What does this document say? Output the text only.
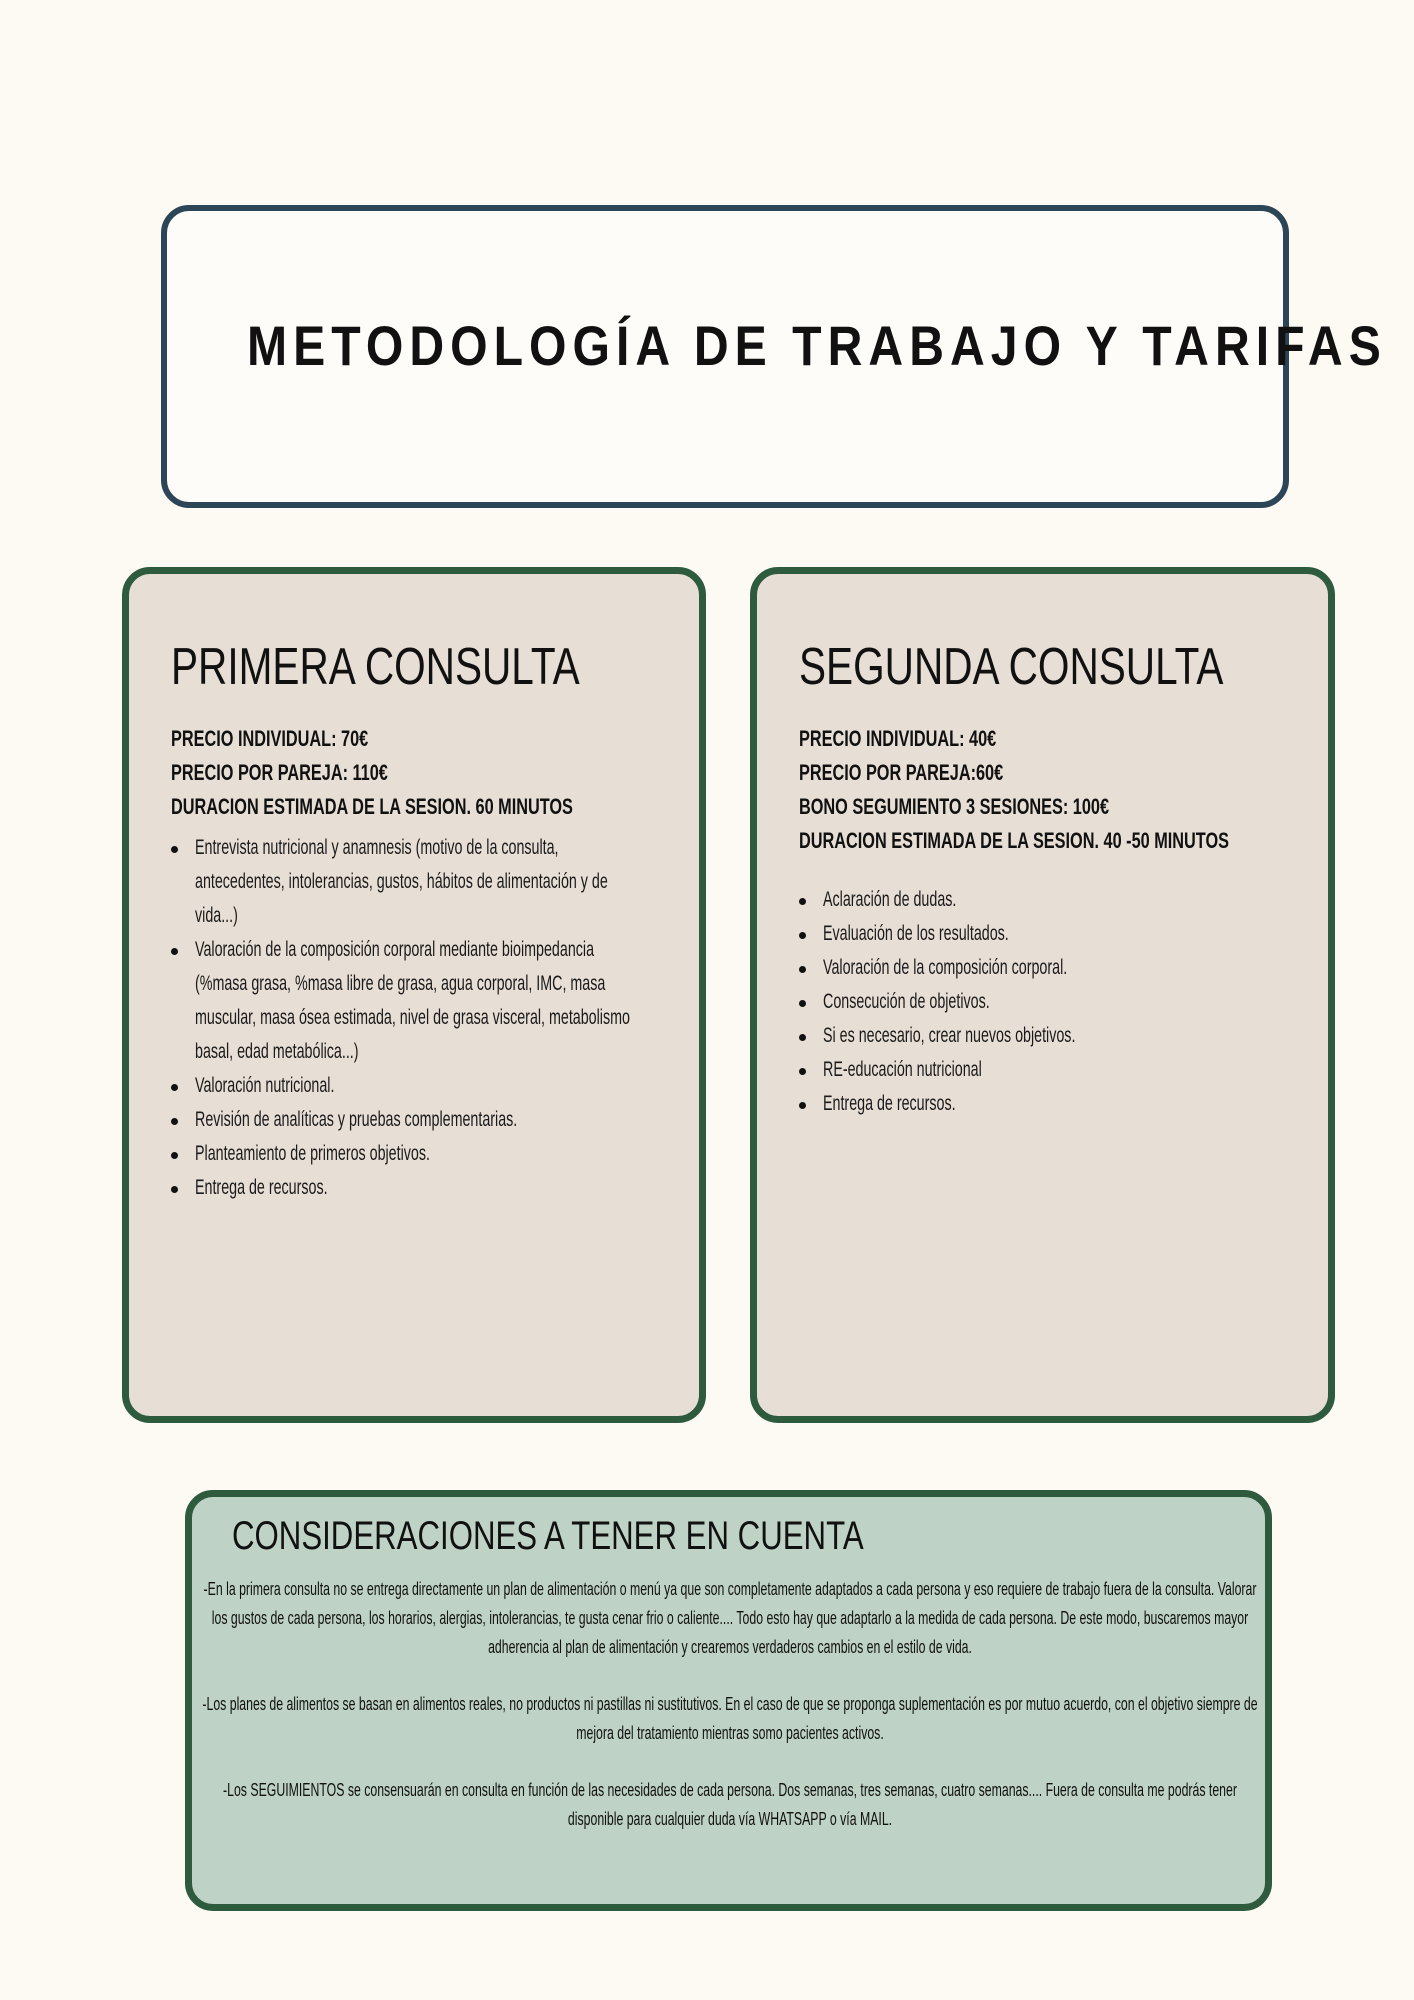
METODOLOGÍA DE TRABAJO Y TARIFAS
PRIMERA CONSULTA
PRECIO INDIVIDUAL: 70€
PRECIO POR PAREJA: 110€
DURACION ESTIMADA DE LA SESION. 60 MINUTOS
Entrevista nutricional y anamnesis (motivo de la consulta, antecedentes, intolerancias, gustos, hábitos de alimentación y de vida...)
Valoración de la composición corporal mediante bioimpedancia (%masa grasa, %masa libre de grasa, agua corporal, IMC, masa muscular, masa ósea estimada, nivel de grasa visceral, metabolismo basal, edad metabólica...)
Valoración nutricional.
Revisión de analíticas y pruebas complementarias.
Planteamiento de primeros objetivos.
Entrega de recursos.
SEGUNDA CONSULTA
PRECIO INDIVIDUAL: 40€
PRECIO POR PAREJA:60€
BONO SEGUMIENTO 3 SESIONES: 100€
DURACION ESTIMADA DE LA SESION. 40 -50 MINUTOS
Aclaración de dudas.
Evaluación de los resultados.
Valoración de la composición corporal.
Consecución de objetivos.
Si es necesario, crear nuevos objetivos.
RE-educación nutricional
Entrega de recursos.
CONSIDERACIONES A TENER EN CUENTA

-En la primera consulta no se entrega directamente un plan de alimentación o menú ya que son completamente adaptados a cada persona y eso requiere de trabajo fuera de la consulta. Valorar los gustos de cada persona, los horarios, alergias, intolerancias, te gusta cenar frio o caliente.... Todo esto hay que adaptarlo a la medida de cada persona. De este modo, buscaremos mayor adherencia al plan de alimentación y crearemos verdaderos cambios en el estilo de vida.

-Los planes de alimentos se basan en alimentos reales, no productos ni pastillas ni sustitutivos. En el caso de que se proponga suplementación es por mutuo acuerdo, con el objetivo siempre de mejora del tratamiento mientras somo pacientes activos.

-Los SEGUIMIENTOS se consensuarán en consulta en función de las necesidades de cada persona. Dos semanas, tres semanas, cuatro semanas.... Fuera de consulta me podrás tener disponible para cualquier duda vía WHATSAPP o vía MAIL.
